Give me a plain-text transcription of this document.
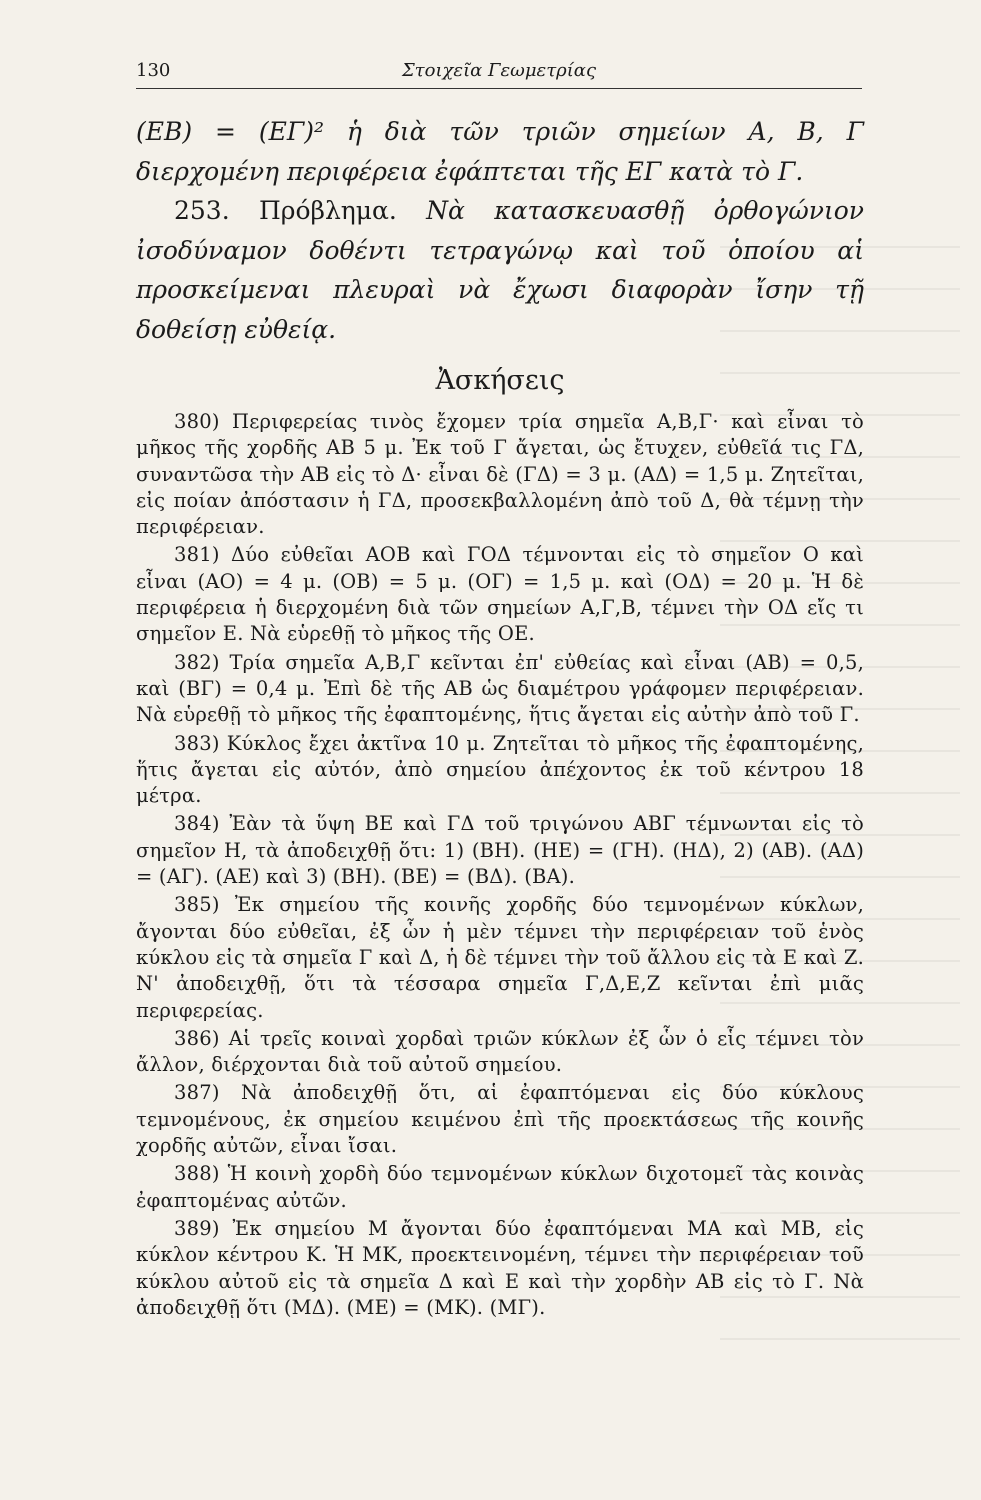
130	Στοιχεῖα Γεωμετρίας

(ΕΒ) = (ΕΓ)² ἡ διὰ τῶν τριῶν σημείων Α, Β, Γ διερχομένη περιφέρεια ἐφάπτεται τῆς ΕΓ κατὰ τὸ Γ.

253. Πρόβλημα. Νὰ κατασκευασθῇ ὀρθογώνιον ἰσοδύναμον δοθέντι τετραγώνῳ καὶ τοῦ ὁποίου αἱ προσκείμεναι πλευραὶ νὰ ἔχωσι διαφορὰν ἴσην τῇ δοθείσῃ εὐθείᾳ.

Ἀσκήσεις

380) Περιφερείας τινὸς ἔχομεν τρία σημεῖα Α,Β,Γ· καὶ εἶναι τὸ μῆκος τῆς χορδῆς ΑΒ 5 μ. Ἐκ τοῦ Γ ἄγεται, ὡς ἔτυχεν, εὐθεῖά τις ΓΔ, συναντῶσα τὴν ΑΒ εἰς τὸ Δ· εἶναι δὲ (ΓΔ) = 3 μ. (ΑΔ) = 1,5 μ. Ζητεῖται, εἰς ποίαν ἀπόστασιν ἡ ΓΔ, προσεκβαλλομένη ἀπὸ τοῦ Δ, θὰ τέμνῃ τὴν περιφέρειαν.

381) Δύο εὐθεῖαι ΑΟΒ καὶ ΓΟΔ τέμνονται εἰς τὸ σημεῖον Ο καὶ εἶναι (ΑΟ) = 4 μ. (ΟΒ) = 5 μ. (ΟΓ) = 1,5 μ. καὶ (ΟΔ) = 20 μ. Ἡ δὲ περιφέρεια ἡ διερχομένη διὰ τῶν σημείων Α,Γ,Β, τέμνει τὴν ΟΔ εἴς τι σημεῖον Ε. Νὰ εὑρεθῇ τὸ μῆκος τῆς ΟΕ.

382) Τρία σημεῖα Α,Β,Γ κεῖνται ἐπ' εὐθείας καὶ εἶναι (ΑΒ) = 0,5, καὶ (ΒΓ) = 0,4 μ. Ἐπὶ δὲ τῆς ΑΒ ὡς διαμέτρου γράφομεν περιφέρειαν. Νὰ εὑρεθῇ τὸ μῆκος τῆς ἐφαπτομένης, ἥτις ἄγεται εἰς αὐτὴν ἀπὸ τοῦ Γ.

383) Κύκλος ἔχει ἀκτῖνα 10 μ. Ζητεῖται τὸ μῆκος τῆς ἐφαπτομένης, ἥτις ἄγεται εἰς αὐτόν, ἀπὸ σημείου ἀπέχοντος ἐκ τοῦ κέντρου 18 μέτρα.

384) Ἐὰν τὰ ὕψη ΒΕ καὶ ΓΔ τοῦ τριγώνου ΑΒΓ τέμνωνται εἰς τὸ σημεῖον Η, τὰ ἀποδειχθῇ ὅτι: 1) (ΒΗ). (ΗΕ) = (ΓΗ). (ΗΔ), 2) (ΑΒ). (ΑΔ) = (ΑΓ). (ΑΕ) καὶ 3) (ΒΗ). (ΒΕ) = (ΒΔ). (ΒΑ).

385) Ἐκ σημείου τῆς κοινῆς χορδῆς δύο τεμνομένων κύκλων, ἄγονται δύο εὐθεῖαι, ἐξ ὧν ἡ μὲν τέμνει τὴν περιφέρειαν τοῦ ἑνὸς κύκλου εἰς τὰ σημεῖα Γ καὶ Δ, ἡ δὲ τέμνει τὴν τοῦ ἄλλου εἰς τὰ Ε καὶ Ζ. Ν' ἀποδειχθῇ, ὅτι τὰ τέσσαρα σημεῖα Γ,Δ,Ε,Ζ κεῖνται ἐπὶ μιᾶς περιφερείας.

386) Αἱ τρεῖς κοιναὶ χορδαὶ τριῶν κύκλων ἐξ ὧν ὁ εἷς τέμνει τὸν ἄλλον, διέρχονται διὰ τοῦ αὐτοῦ σημείου.

387) Νὰ ἀποδειχθῇ ὅτι, αἱ ἐφαπτόμεναι εἰς δύο κύκλους τεμνομένους, ἐκ σημείου κειμένου ἐπὶ τῆς προεκτάσεως τῆς κοινῆς χορδῆς αὐτῶν, εἶναι ἴσαι.

388) Ἡ κοινὴ χορδὴ δύο τεμνομένων κύκλων διχοτομεῖ τὰς κοινὰς ἐφαπτομένας αὐτῶν.

389) Ἐκ σημείου Μ ἄγονται δύο ἐφαπτόμεναι ΜΑ καὶ ΜΒ, εἰς κύκλον κέντρου Κ. Ἡ ΜΚ, προεκτεινομένη, τέμνει τὴν περιφέρειαν τοῦ κύκλου αὐτοῦ εἰς τὰ σημεῖα Δ καὶ Ε καὶ τὴν χορδὴν ΑΒ εἰς τὸ Γ. Νὰ ἀποδειχθῇ ὅτι (ΜΔ). (ΜΕ) = (ΜΚ). (ΜΓ).
